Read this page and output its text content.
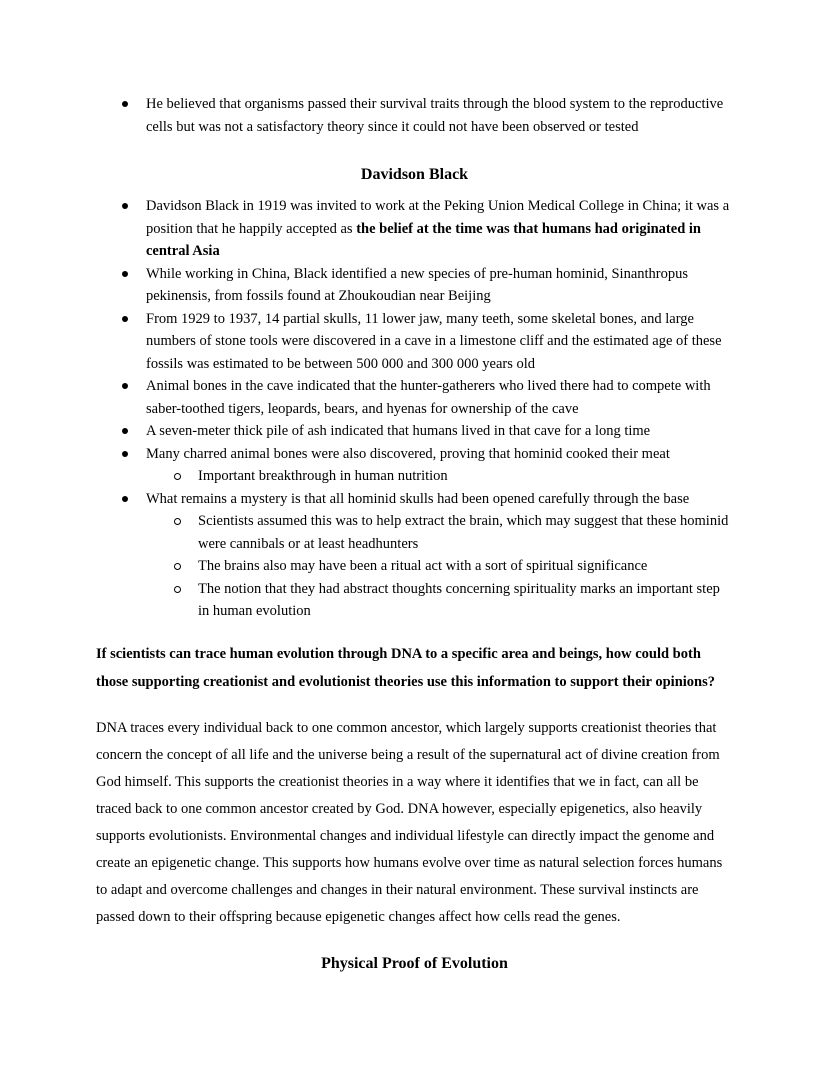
He believed that organisms passed their survival traits through the blood system to the reproductive cells but was not a satisfactory theory since it could not have been observed or tested
Davidson Black
Davidson Black in 1919 was invited to work at the Peking Union Medical College in China; it was a position that he happily accepted as the belief at the time was that humans had originated in central Asia
While working in China, Black identified a new species of pre-human hominid, Sinanthropus pekinensis, from fossils found at Zhoukoudian near Beijing
From 1929 to 1937, 14 partial skulls, 11 lower jaw, many teeth, some skeletal bones, and large numbers of stone tools were discovered in a cave in a limestone cliff and the estimated age of these fossils was estimated to be between 500 000 and 300 000 years old
Animal bones in the cave indicated that the hunter-gatherers who lived there had to compete with saber-toothed tigers, leopards, bears, and hyenas for ownership of the cave
A seven-meter thick pile of ash indicated that humans lived in that cave for a long time
Many charred animal bones were also discovered, proving that hominid cooked their meat
Important breakthrough in human nutrition
What remains a mystery is that all hominid skulls had been opened carefully through the base
Scientists assumed this was to help extract the brain, which may suggest that these hominid were cannibals or at least headhunters
The brains also may have been a ritual act with a sort of spiritual significance
The notion that they had abstract thoughts concerning spirituality marks an important step in human evolution

If scientists can trace human evolution through DNA to a specific area and beings, how could both those supporting creationist and evolutionist theories use this information to support their opinions?

DNA traces every individual back to one common ancestor, which largely supports creationist theories that concern the concept of all life and the universe being a result of the supernatural act of divine creation from God himself. This supports the creationist theories in a way where it identifies that we in fact, can all be traced back to one common ancestor created by God. DNA however, especially epigenetics, also heavily supports evolutionists. Environmental changes and individual lifestyle can directly impact the genome and create an epigenetic change. This supports how humans evolve over time as natural selection forces humans to adapt and overcome challenges and changes in their natural environment. These survival instincts are passed down to their offspring because epigenetic changes affect how cells read the genes.

Physical Proof of Evolution
